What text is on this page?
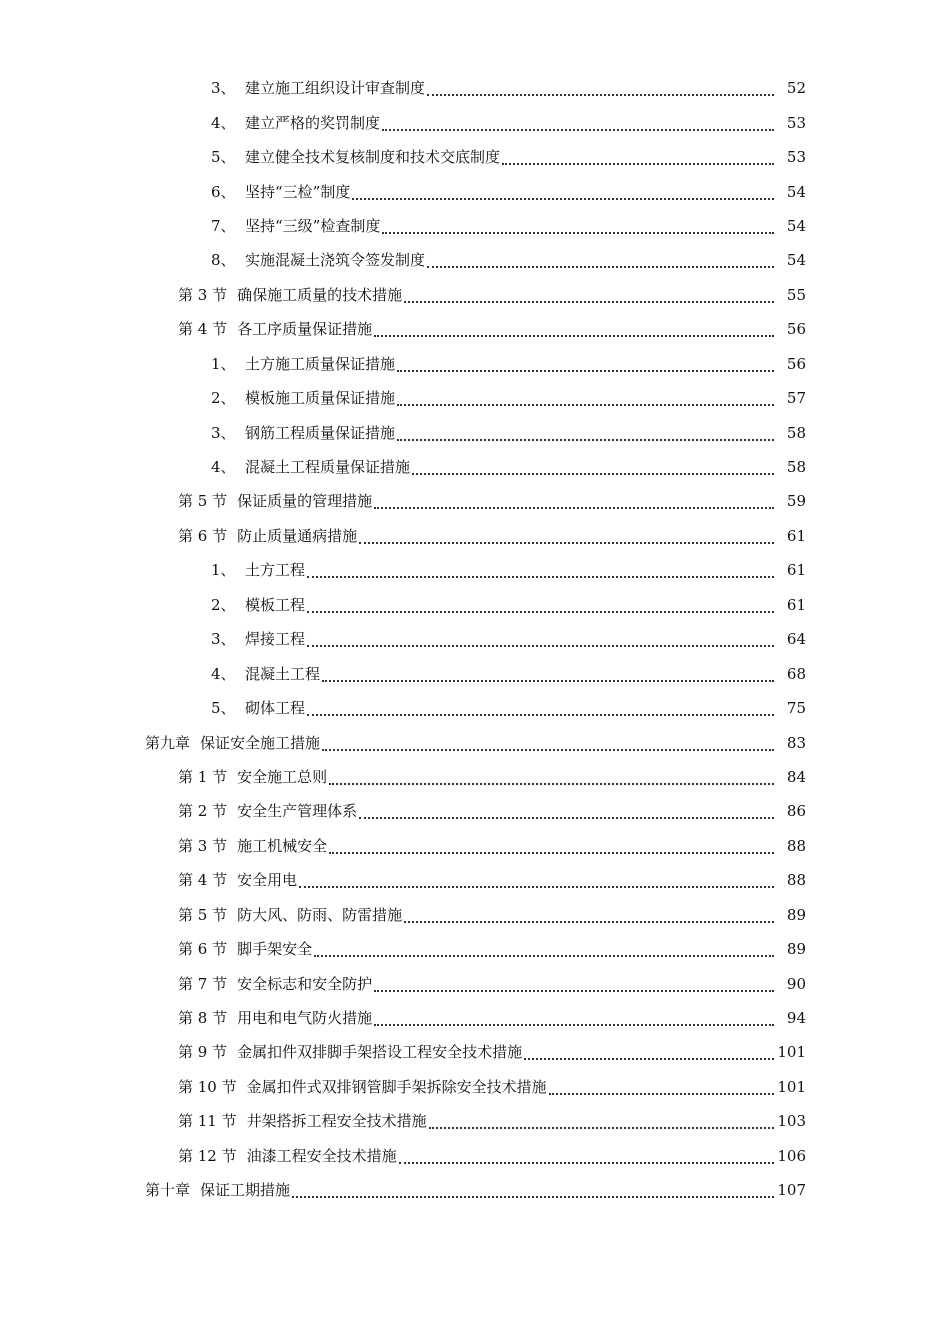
3、 建立施工组织设计审查制度	52
4、 建立严格的奖罚制度	53
5、 建立健全技术复核制度和技术交底制度	53
6、 坚持“三检”制度	54
7、 坚持“三级”检查制度	54
8、 实施混凝土浇筑令签发制度	54
第 3 节 确保施工质量的技术措施	55
第 4 节 各工序质量保证措施	56
1、 土方施工质量保证措施	56
2、 模板施工质量保证措施	57
3、 钢筋工程质量保证措施	58
4、 混凝土工程质量保证措施	58
第 5 节 保证质量的管理措施	59
第 6 节 防止质量通病措施	61
1、 土方工程	61
2、 模板工程	61
3、 焊接工程	64
4、 混凝土工程	68
5、 砌体工程	75
第九章 保证安全施工措施	83
第 1 节 安全施工总则	84
第 2 节 安全生产管理体系	86
第 3 节 施工机械安全	88
第 4 节 安全用电	88
第 5 节 防大风、防雨、防雷措施	89
第 6 节 脚手架安全	89
第 7 节 安全标志和安全防护	90
第 8 节 用电和电气防火措施	94
第 9 节 金属扣件双排脚手架搭设工程安全技术措施	101
第 10 节 金属扣件式双排钢管脚手架拆除安全技术措施	101
第 11 节 井架搭拆工程安全技术措施	103
第 12 节 油漆工程安全技术措施	106
第十章 保证工期措施	107
